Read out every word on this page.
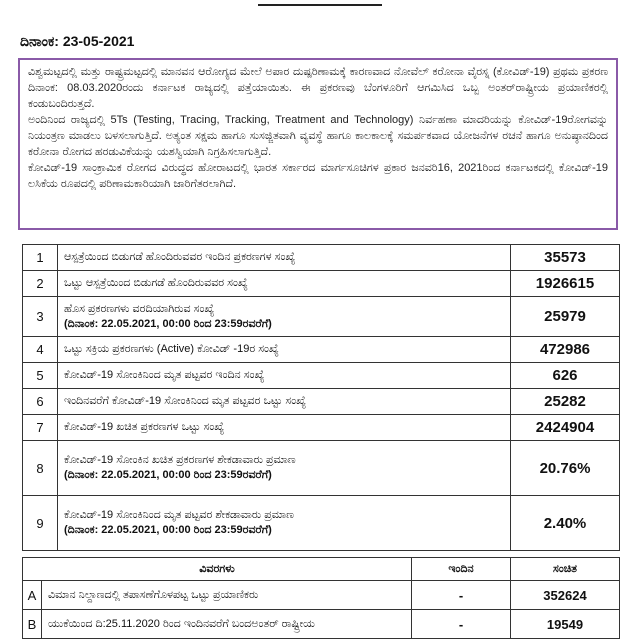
ದಿನಾಂಕ: 23-05-2021

ವಿಶ್ವಮಟ್ಟದಲ್ಲಿ ಮತ್ತು ರಾಷ್ಟ್ರಮಟ್ಟದಲ್ಲಿ ಮಾನವನ ಆರೋಗ್ಯದ ಮೇಲೆ ಅಪಾರ ದುಷ್ಪರಿಣಾಮಕ್ಕೆ ಕಾರಣವಾದ ನೋವೆಲ್ ಕರೋನಾ ವೈರಸ್ನ (ಕೋವಿಡ್-19) ಪ್ರಥಮ ಪ್ರಕರಣ ದಿನಾಂಕ: 08.03.2020ರಂದು ಕರ್ನಾಟಕ ರಾಜ್ಯದಲ್ಲಿ ಪತ್ತೆಯಾಯಿತು. ಈ ಪ್ರಕರಣವು ಬೆಂಗಳೂರಿಗೆ ಆಗಮಿಸಿದ ಒಬ್ಬ ಅಂತರ್‌ರಾಷ್ಟ್ರೀಯ ಪ್ರಯಾಣಿಕರಲ್ಲಿ ಕಂಡುಬಂದಿರುತ್ತದೆ.

ಅಂದಿನಿಂದ ರಾಜ್ಯದಲ್ಲಿ 5Ts (Testing, Tracing, Tracking, Treatment and Technology) ನಿರ್ವಹಣಾ ಮಾದರಿಯನ್ನು ಕೋವಿಡ್-19ರೋಗವನ್ನು ನಿಯಂತ್ರಣ ಮಾಡಲು ಬಳಸಲಾಗುತ್ತಿದೆ. ಅತ್ಯಂತ ಸಕ್ಷಮ ಹಾಗೂ ಸುಸಜ್ಜಿತವಾಗಿ ವ್ಯವಸ್ಥೆ ಹಾಗೂ ಕಾಲಕಾಲಕ್ಕೆ ಸಮರ್ಪಕವಾದ ಯೋಜನೆಗಳ ರಚನೆ ಹಾಗೂ ಅನುಷ್ಠಾನದಿಂದ ಕರೋನಾ ರೋಗದ ಹರಡುವಿಕೆಯನ್ನು ಯಶಸ್ವಿಯಾಗಿ ನಿಗ್ರಹಿಸಲಾಗುತ್ತಿದೆ.

ಕೋವಿಡ್-19 ಸಾಂಕ್ರಾಮಿಕ ರೋಗದ ವಿರುದ್ಧದ ಹೋರಾಟದಲ್ಲಿ ಭಾರತ ಸರ್ಕಾರದ ಮಾರ್ಗಸೂಚಿಗಳ ಪ್ರಕಾರ ಜನವರಿ16, 2021ರಿಂದ ಕರ್ನಾಟಕದಲ್ಲಿ ಕೋವಿಡ್-19 ಲಸಿಕೆಯ ರೂಪದಲ್ಲಿ ಪರಿಣಾಮಕಾರಿಯಾಗಿ ಜಾರಿಗೆತರಲಾಗಿದೆ.

1	ಆಸ್ಪತ್ರೆಯಿಂದ ಬಿಡುಗಡೆ ಹೊಂದಿರುವವರ ಇಂದಿನ ಪ್ರಕರಣಗಳ ಸಂಖ್ಯೆ	35573
2	ಒಟ್ಟು ಆಸ್ಪತ್ರೆಯಿಂದ ಬಿಡುಗಡೆ ಹೊಂದಿರುವವರ ಸಂಖ್ಯೆ	1926615
3	ಹೊಸ ಪ್ರಕರಣಗಳು ವರದಿಯಾಗಿರುವ ಸಂಖ್ಯೆ
(ದಿನಾಂಕ: 22.05.2021, 00:00 ರಿಂದ 23:59ರವರೆಗೆ)	25979
4	ಒಟ್ಟು ಸಕ್ರಿಯ ಪ್ರಕರಣಗಳು (Active) ಕೋವಿಡ್ -19ರ ಸಂಖ್ಯೆ	472986
5	ಕೋವಿಡ್-19 ಸೋಂಕಿನಿಂದ ಮೃತ ಪಟ್ಟವರ ಇಂದಿನ ಸಂಖ್ಯೆ	626
6	ಇಂದಿನವರೆಗೆ ಕೋವಿಡ್-19 ಸೋಂಕಿನಿಂದ ಮೃತ ಪಟ್ಟವರ ಒಟ್ಟು ಸಂಖ್ಯೆ	25282
7	ಕೋವಿಡ್-19 ಖಚಿತ ಪ್ರಕರಣಗಳ ಒಟ್ಟು ಸಂಖ್ಯೆ	2424904
8	ಕೋವಿಡ್-19 ಸೋಂಕಿನ ಖಚಿತ ಪ್ರಕರಣಗಳ ಶೇಕಡಾವಾರು ಪ್ರಮಾಣ
(ದಿನಾಂಕ: 22.05.2021, 00:00 ರಿಂದ 23:59ರವರೆಗೆ)	20.76%
9	ಕೋವಿಡ್-19 ಸೋಂಕಿನಿಂದ ಮೃತ ಪಟ್ಟವರ ಶೇಕಡಾವಾರು ಪ್ರಮಾಣ
(ದಿನಾಂಕ: 22.05.2021, 00:00 ರಿಂದ 23:59ರವರೆಗೆ)	2.40%
ವಿವರಗಳು		ಇಂದಿನ	ಸಂಚಿತ
A	ವಿಮಾನ ನಿಲ್ದಾಣದಲ್ಲಿ ತಪಾಸಣೆಗೊಳಪಟ್ಟ ಒಟ್ಟು ಪ್ರಯಾಣಿಕರು	-	352624
B	ಯುಕೆಯಿಂದ ದಿ:25.11.2020 ರಿಂದ ಇಂದಿನವರೆಗೆ ಬಂದಅಂತರ್ ರಾಷ್ಟ್ರೀಯ	-	19549
